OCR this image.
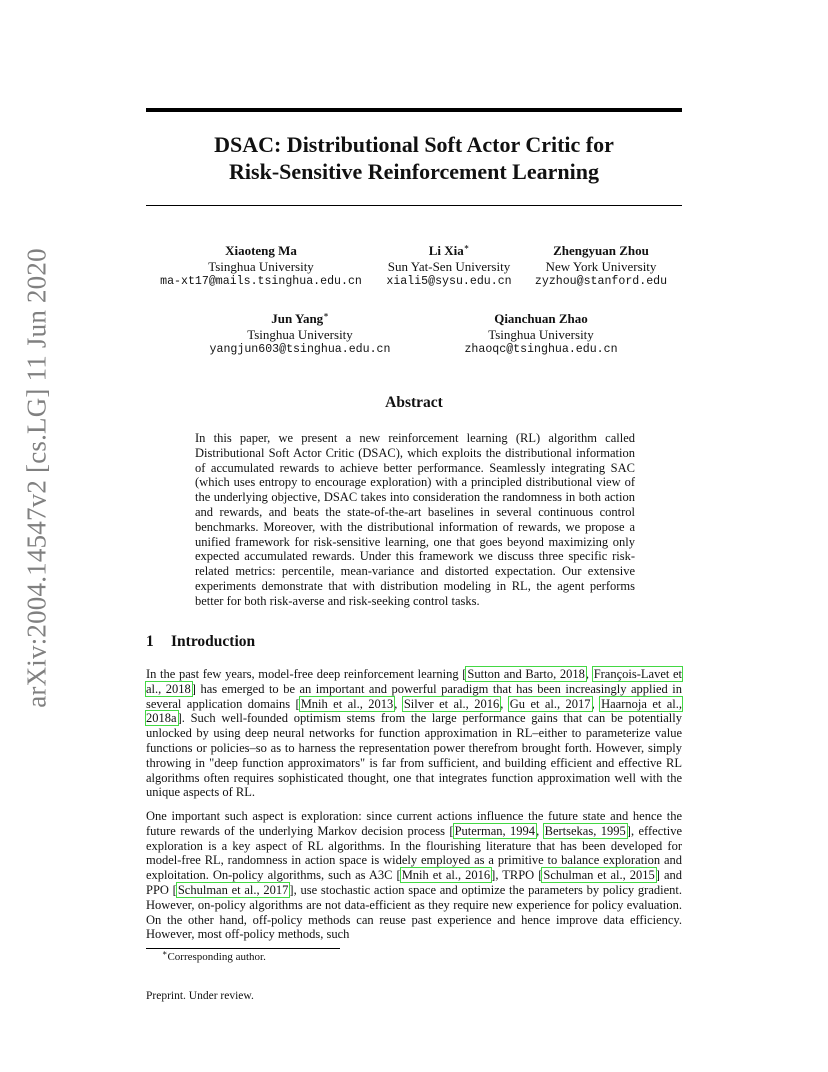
arXiv:2004.14547v2 [cs.LG] 11 Jun 2020
DSAC: Distributional Soft Actor Critic for
Risk-Sensitive Reinforcement Learning
Xiaoteng Ma
Tsinghua University
ma-xt17@mails.tsinghua.edu.cn
Li Xia∗
Sun Yat-Sen University
xiali5@sysu.edu.cn
Zhengyuan Zhou
New York University
zyzhou@stanford.edu
Jun Yang∗
Tsinghua University
yangjun603@tsinghua.edu.cn
Qianchuan Zhao
Tsinghua University
zhaoqc@tsinghua.edu.cn
Abstract
In this paper, we present a new reinforcement learning (RL) algorithm called Distributional Soft Actor Critic (DSAC), which exploits the distributional information of accumulated rewards to achieve better performance. Seamlessly integrating SAC (which uses entropy to encourage exploration) with a principled distributional view of the underlying objective, DSAC takes into consideration the randomness in both action and rewards, and beats the state-of-the-art baselines in several continuous control benchmarks. Moreover, with the distributional information of rewards, we propose a unified framework for risk-sensitive learning, one that goes beyond maximizing only expected accumulated rewards. Under this framework we discuss three specific risk-related metrics: percentile, mean-variance and distorted expectation. Our extensive experiments demonstrate that with distribution modeling in RL, the agent performs better for both risk-averse and risk-seeking control tasks.
1 Introduction
In the past few years, model-free deep reinforcement learning [Sutton and Barto, 2018, François-Lavet et al., 2018] has emerged to be an important and powerful paradigm that has been increasingly applied in several application domains [Mnih et al., 2013, Silver et al., 2016, Gu et al., 2017, Haarnoja et al., 2018a]. Such well-founded optimism stems from the large performance gains that can be potentially unlocked by using deep neural networks for function approximation in RL–either to parameterize value functions or policies–so as to harness the representation power therefrom brought forth. However, simply throwing in "deep function approximators" is far from sufficient, and building efficient and effective RL algorithms often requires sophisticated thought, one that integrates function approximation well with the unique aspects of RL.
One important such aspect is exploration: since current actions influence the future state and hence the future rewards of the underlying Markov decision process [Puterman, 1994, Bertsekas, 1995], effective exploration is a key aspect of RL algorithms. In the flourishing literature that has been developed for model-free RL, randomness in action space is widely employed as a primitive to balance exploration and exploitation. On-policy algorithms, such as A3C [Mnih et al., 2016], TRPO [Schulman et al., 2015] and PPO [Schulman et al., 2017], use stochastic action space and optimize the parameters by policy gradient. However, on-policy algorithms are not data-efficient as they require new experience for policy evaluation. On the other hand, off-policy methods can reuse past experience and hence improve data efficiency. However, most off-policy methods, such
∗Corresponding author.
Preprint. Under review.
